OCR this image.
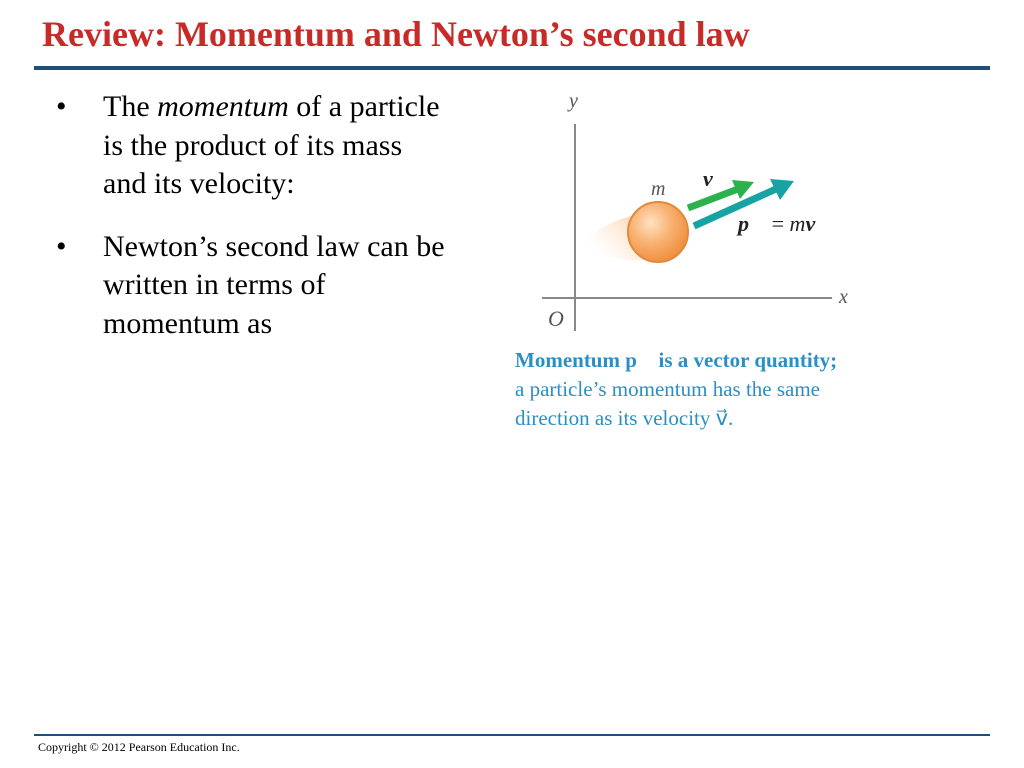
Review: Momentum and Newton’s second law
• The momentum of a particle is the product of its mass and its velocity:
• Newton’s second law can be written in terms of momentum as
y
x
O
m v⃗
p⃗ = mv⃗
Momentum p⃗ is a vector quantity;
a particle’s momentum has the same
direction as its velocity v⃗.
Copyright © 2012 Pearson Education Inc.
